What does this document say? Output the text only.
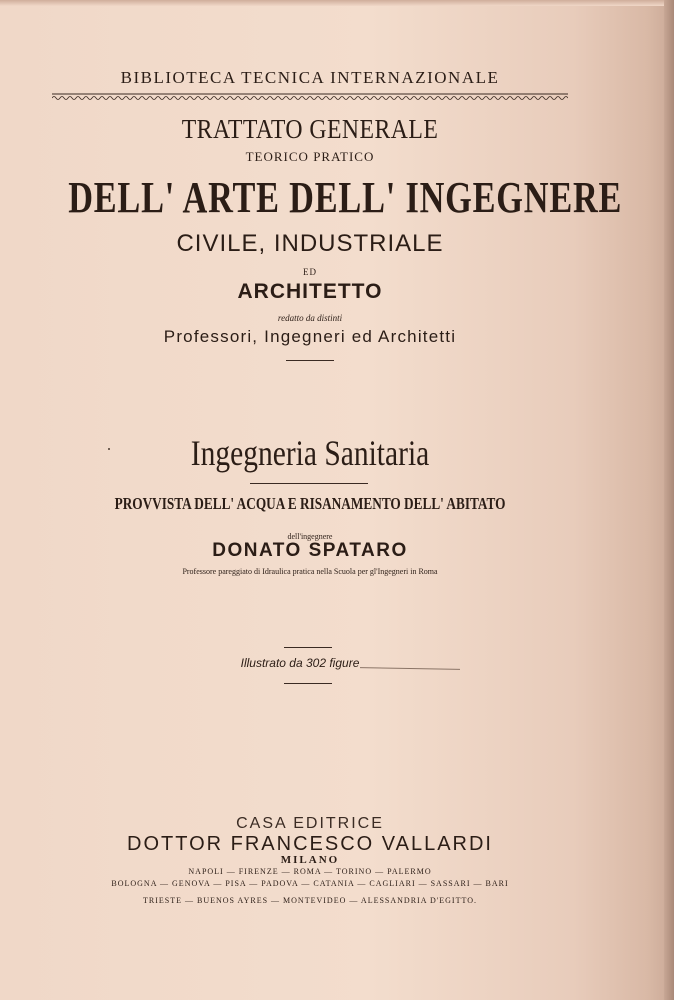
BIBLIOTECA TECNICA INTERNAZIONALE
TRATTATO GENERALE
TEORICO PRATICO
DELL' ARTE DELL' INGEGNERE
CIVILE, INDUSTRIALE
ED
ARCHITETTO
redatto da distinti
Professori, Ingegneri ed Architetti
Ingegneria Sanitaria
PROVVISTA DELL' ACQUA E RISANAMENTO DELL' ABITATO
dell'ingegnere
DONATO SPATARO
Professore pareggiato di Idraulica pratica nella Scuola per gl'Ingegneri in Roma
Illustrato da 302 figure
CASA EDITRICE
DOTTOR FRANCESCO VALLARDI
MILANO
NAPOLI — FIRENZE — ROMA — TORINO — PALERMO
BOLOGNA — GENOVA — PISA — PADOVA — CATANIA — CAGLIARI — SASSARI — BARI
TRIESTE — BUENOS AYRES — MONTEVIDEO — ALESSANDRIA D'EGITTO.
